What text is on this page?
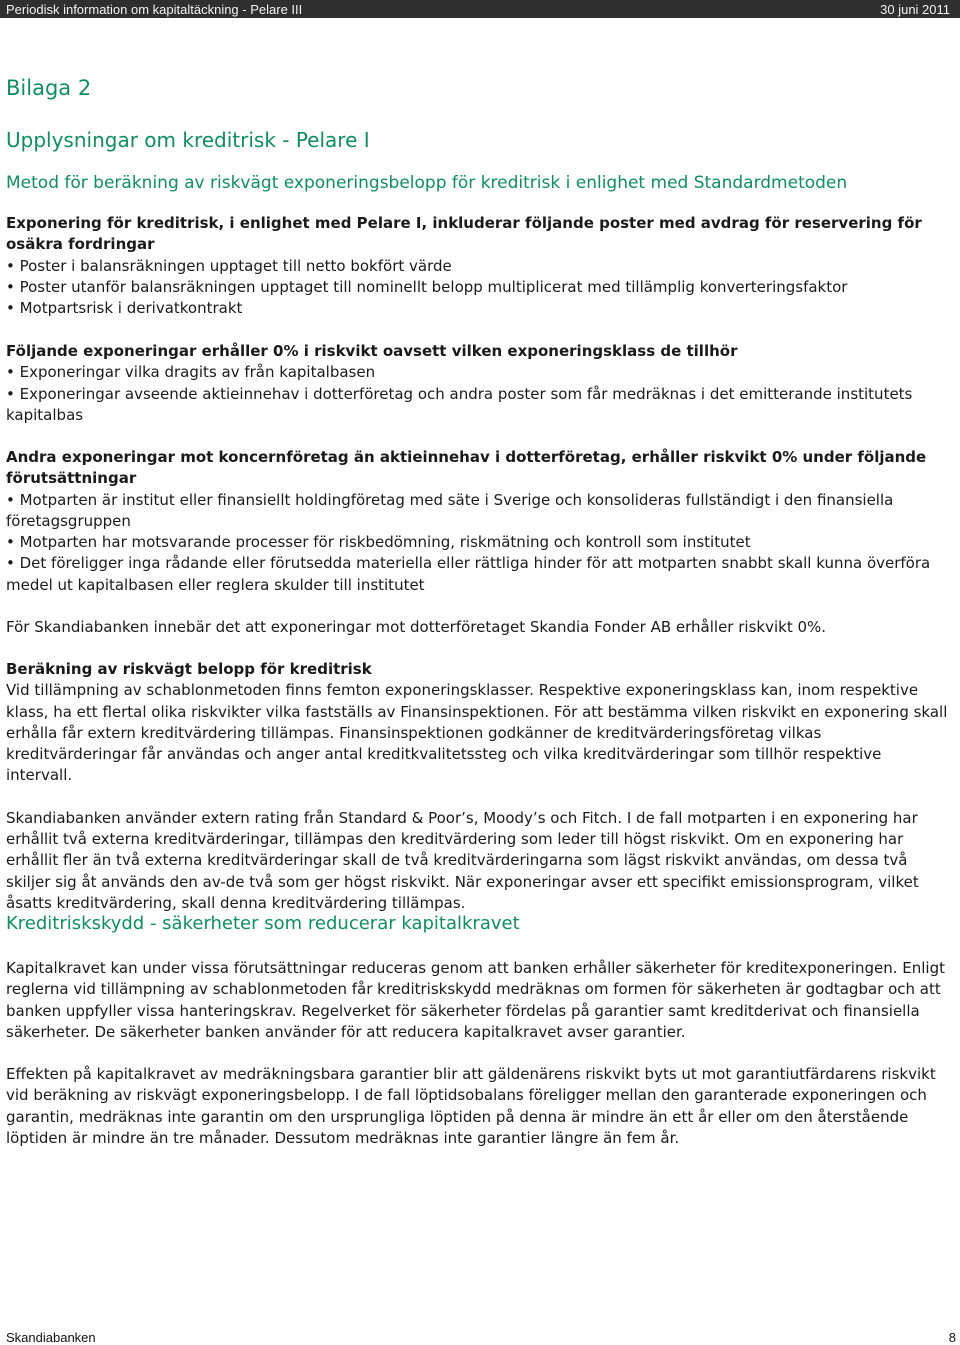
Periodisk information om kapitaltäckning - Pelare III	30 juni 2011
Bilaga 2
Upplysningar om kreditrisk - Pelare I
Metod för beräkning av riskvägt exponeringsbelopp för kreditrisk i enlighet med Standardmetoden

Exponering för kreditrisk, i enlighet med Pelare I, inkluderar följande poster med avdrag för reservering för osäkra fordringar

• Poster i balansräkningen upptaget till netto bokfört värde

• Poster utanför balansräkningen upptaget till nominellt belopp multiplicerat med tillämplig konverteringsfaktor

• Motpartsrisk i derivatkontrakt

Följande exponeringar erhåller 0% i riskvikt oavsett vilken exponeringsklass de tillhör

• Exponeringar vilka dragits av från kapitalbasen

• Exponeringar avseende aktieinnehav i dotterföretag och andra poster som får medräknas i det emitterande institutets kapitalbas

Andra exponeringar mot koncernföretag än aktieinnehav i dotterföretag, erhåller riskvikt 0% under följande förutsättningar

• Motparten är institut eller finansiellt holdingföretag med säte i Sverige och konsolideras fullständigt i den finansiella företagsgruppen

• Motparten har motsvarande processer för riskbedömning, riskmätning och kontroll som institutet

• Det föreligger inga rådande eller förutsedda materiella eller rättliga hinder för att motparten snabbt skall kunna överföra medel ut kapitalbasen eller reglera skulder till institutet

För Skandiabanken innebär det att exponeringar mot dotterföretaget Skandia Fonder AB erhåller riskvikt 0%.

Beräkning av riskvägt belopp för kreditrisk

Vid tillämpning av schablonmetoden finns femton exponeringsklasser. Respektive exponeringsklass kan, inom respektive klass, ha ett flertal olika riskvikter vilka fastställs av Finansinspektionen. För att bestämma vilken riskvikt en exponering skall erhålla får extern kreditvärdering tillämpas. Finansinspektionen godkänner de kreditvärderingsföretag vilkas kreditvärderingar får användas och anger antal kreditkvalitetssteg och vilka kreditvärderingar som tillhör respektive intervall.

Skandiabanken använder extern rating från Standard & Poor’s, Moody’s och Fitch. I de fall motparten i en exponering har erhållit två externa kreditvärderingar, tillämpas den kreditvärdering som leder till högst riskvikt. Om en exponering har erhållit fler än två externa kreditvärderingar skall de två kreditvärderingarna som lägst riskvikt användas, om dessa två skiljer sig åt används den av-de två som ger högst riskvikt. När exponeringar avser ett specifikt emissionsprogram, vilket åsatts kreditvärdering, skall denna kreditvärdering tillämpas.

Kreditriskskydd - säkerheter som reducerar kapitalkravet

Kapitalkravet kan under vissa förutsättningar reduceras genom att banken erhåller säkerheter för kreditexponeringen. Enligt reglerna vid tillämpning av schablonmetoden får kreditriskskydd medräknas om formen för säkerheten är godtagbar och att banken uppfyller vissa hanteringskrav. Regelverket för säkerheter fördelas på garantier samt kreditderivat och finansiella säkerheter. De säkerheter banken använder för att reducera kapitalkravet avser garantier.

Effekten på kapitalkravet av medräkningsbara garantier blir att gäldenärens riskvikt byts ut mot garantiutfärdarens riskvikt vid beräkning av riskvägt exponeringsbelopp. I de fall löptidsobalans föreligger mellan den garanterade exponeringen och garantin, medräknas inte garantin om den ursprungliga löptiden på denna är mindre än ett år eller om den återstående löptiden är mindre än tre månader. Dessutom medräknas inte garantier längre än fem år.

Skandiabanken	8
